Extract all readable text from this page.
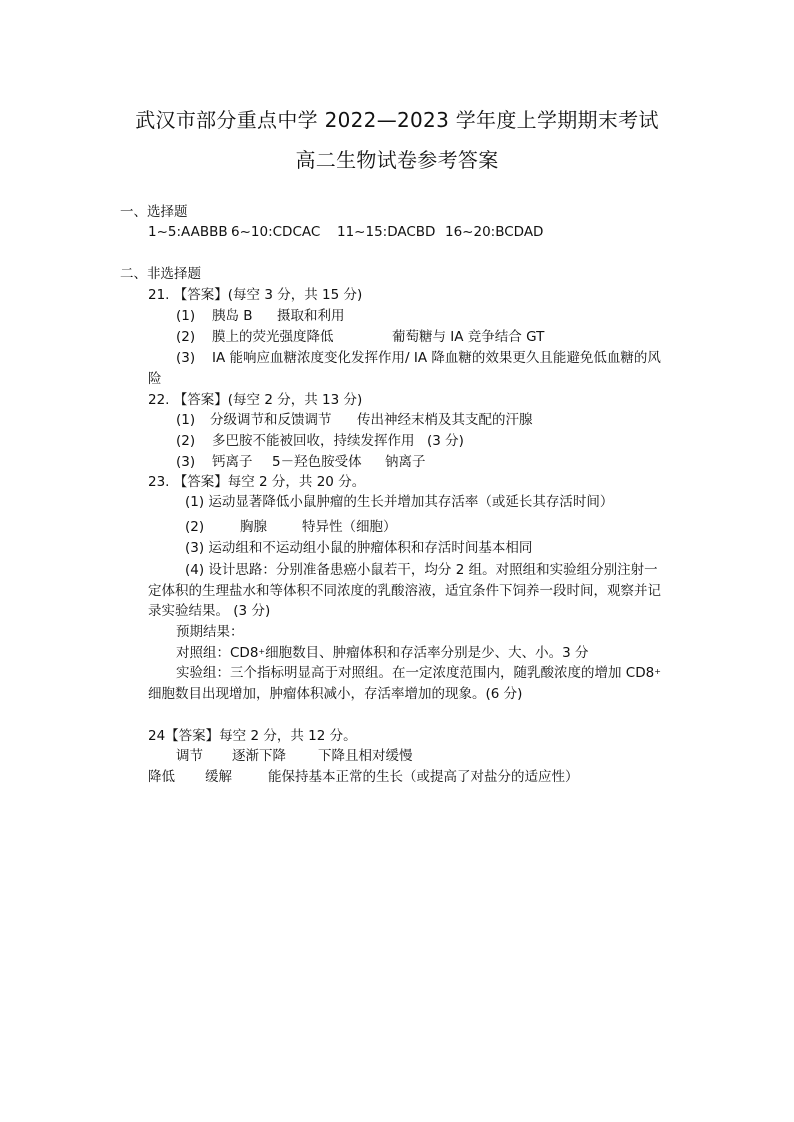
武汉市部分重点中学 2022—2023 学年度上学期期末考试
高二生物试卷参考答案
一、选择题
1~5:AABBB 6~10:CDCAC 11~15:DACBD 16~20:BCDAD
二、非选择题
21. 【答案】(每空 3 分，共 15 分)
(1) 胰岛 B 摄取和利用
(2) 膜上的荧光强度降低	葡萄糖与 IA 竞争结合 GT
(3) IA 能响应血糖浓度变化发挥作用/ IA 降血糖的效果更久且能避免低血糖的风
险
22. 【答案】(每空 2 分，共 13 分)
(1) 分级调节和反馈调节 传出神经末梢及其支配的汗腺
(2) 多巴胺不能被回收，持续发挥作用 (3 分)
(3) 钙离子 5－羟色胺受体 钠离子
23. 【答案】每空 2 分，共 20 分。
(1) 运动显著降低小鼠肿瘤的生长并增加其存活率（或延长其存活时间）
(2)	胸腺	特异性（细胞）
(3) 运动组和不运动组小鼠的肿瘤体积和存活时间基本相同
(4) 设计思路：分别准备患癌小鼠若干，均分 2 组。对照组和实验组分别注射一
定体积的生理盐水和等体积不同浓度的乳酸溶液，适宜条件下饲养一段时间，观察并记
录实验结果。 (3 分)
预期结果：
对照组：CD8+细胞数目、肿瘤体积和存活率分别是少、大、小。3 分
实验组：三个指标明显高于对照组。在一定浓度范围内，随乳酸浓度的增加 CD8+
细胞数目出现增加，肿瘤体积减小，存活率增加的现象。(6 分)
24【答案】每空 2 分，共 12 分。
调节 逐渐下降 下降且相对缓慢
降低 缓解	能保持基本正常的生长（或提高了对盐分的适应性）
